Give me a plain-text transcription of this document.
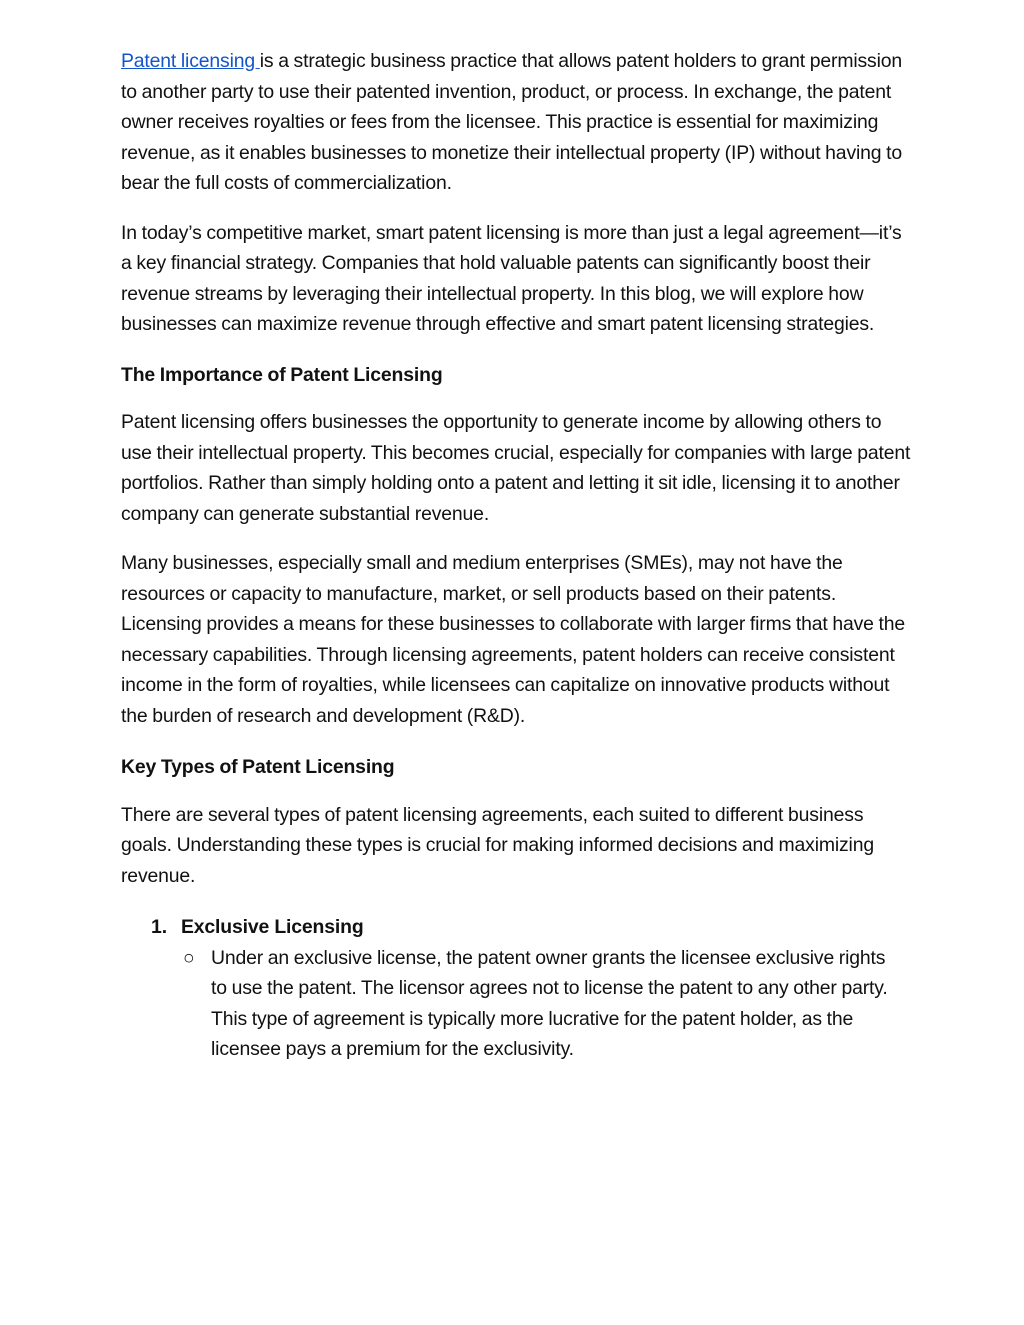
Patent licensing is a strategic business practice that allows patent holders to grant permission to another party to use their patented invention, product, or process. In exchange, the patent owner receives royalties or fees from the licensee. This practice is essential for maximizing revenue, as it enables businesses to monetize their intellectual property (IP) without having to bear the full costs of commercialization.

In today’s competitive market, smart patent licensing is more than just a legal agreement—it’s a key financial strategy. Companies that hold valuable patents can significantly boost their revenue streams by leveraging their intellectual property. In this blog, we will explore how businesses can maximize revenue through effective and smart patent licensing strategies.

The Importance of Patent Licensing

Patent licensing offers businesses the opportunity to generate income by allowing others to use their intellectual property. This becomes crucial, especially for companies with large patent portfolios. Rather than simply holding onto a patent and letting it sit idle, licensing it to another company can generate substantial revenue.

Many businesses, especially small and medium enterprises (SMEs), may not have the resources or capacity to manufacture, market, or sell products based on their patents. Licensing provides a means for these businesses to collaborate with larger firms that have the necessary capabilities. Through licensing agreements, patent holders can receive consistent income in the form of royalties, while licensees can capitalize on innovative products without the burden of research and development (R&D).

Key Types of Patent Licensing

There are several types of patent licensing agreements, each suited to different business goals. Understanding these types is crucial for making informed decisions and maximizing revenue.

1. Exclusive Licensing
○ Under an exclusive license, the patent owner grants the licensee exclusive rights to use the patent. The licensor agrees not to license the patent to any other party. This type of agreement is typically more lucrative for the patent holder, as the licensee pays a premium for the exclusivity.
